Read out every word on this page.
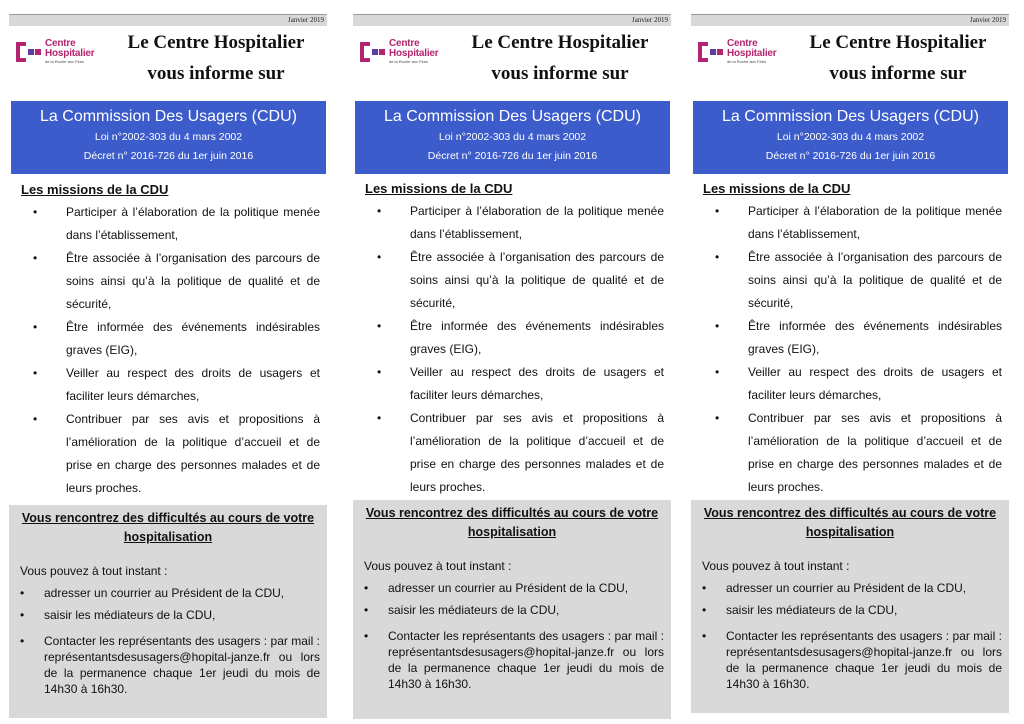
Janvier 2019
Centre
Hospitalier
de la Roche aux Fées
Le Centre Hospitalier
vous informe sur
La Commission Des Usagers (CDU)
Loi n°2002-303 du 4 mars 2002
Décret n° 2016-726 du 1er juin 2016
Les missions de la CDU
• Participer à l’élaboration de la politique menée dans l’établissement,
• Être associée à l’organisation des parcours de soins ainsi qu’à la politique de qualité et de sécurité,
• Être informée des événements indésirables graves (EIG),
• Veiller au respect des droits de usagers et faciliter leurs démarches,
• Contribuer par ses avis et propositions à l’amélioration de la politique d’accueil et de prise en charge des personnes malades et de leurs proches.
Vous rencontrez des difficultés au cours de votre hospitalisation
Vous pouvez à tout instant :
• adresser un courrier au Président de la CDU,
• saisir les médiateurs de la CDU,
• Contacter les représentants des usagers : par mail : représentantsdesusagers@hopital-janze.fr ou lors de la permanence chaque 1er jeudi du mois de 14h30 à 16h30.
Janvier 2019
Centre
Hospitalier
de la Roche aux Fées
Le Centre Hospitalier
vous informe sur
La Commission Des Usagers (CDU)
Loi n°2002-303 du 4 mars 2002
Décret n° 2016-726 du 1er juin 2016
Les missions de la CDU
• Participer à l’élaboration de la politique menée dans l’établissement,
• Être associée à l’organisation des parcours de soins ainsi qu’à la politique de qualité et de sécurité,
• Être informée des événements indésirables graves (EIG),
• Veiller au respect des droits de usagers et faciliter leurs démarches,
• Contribuer par ses avis et propositions à l’amélioration de la politique d’accueil et de prise en charge des personnes malades et de leurs proches.
Vous rencontrez des difficultés au cours de votre hospitalisation
Vous pouvez à tout instant :
• adresser un courrier au Président de la CDU,
• saisir les médiateurs de la CDU,
• Contacter les représentants des usagers : par mail : représentantsdesusagers@hopital-janze.fr ou lors de la permanence chaque 1er jeudi du mois de 14h30 à 16h30.
Janvier 2019
Centre
Hospitalier
de la Roche aux Fées
Le Centre Hospitalier
vous informe sur
La Commission Des Usagers (CDU)
Loi n°2002-303 du 4 mars 2002
Décret n° 2016-726 du 1er juin 2016
Les missions de la CDU
• Participer à l’élaboration de la politique menée dans l’établissement,
• Être associée à l’organisation des parcours de soins ainsi qu’à la politique de qualité et de sécurité,
• Être informée des événements indésirables graves (EIG),
• Veiller au respect des droits de usagers et faciliter leurs démarches,
• Contribuer par ses avis et propositions à l’amélioration de la politique d’accueil et de prise en charge des personnes malades et de leurs proches.
Vous rencontrez des difficultés au cours de votre hospitalisation
Vous pouvez à tout instant :
• adresser un courrier au Président de la CDU,
• saisir les médiateurs de la CDU,
• Contacter les représentants des usagers : par mail : représentantsdesusagers@hopital-janze.fr ou lors de la permanence chaque 1er jeudi du mois de 14h30 à 16h30.
